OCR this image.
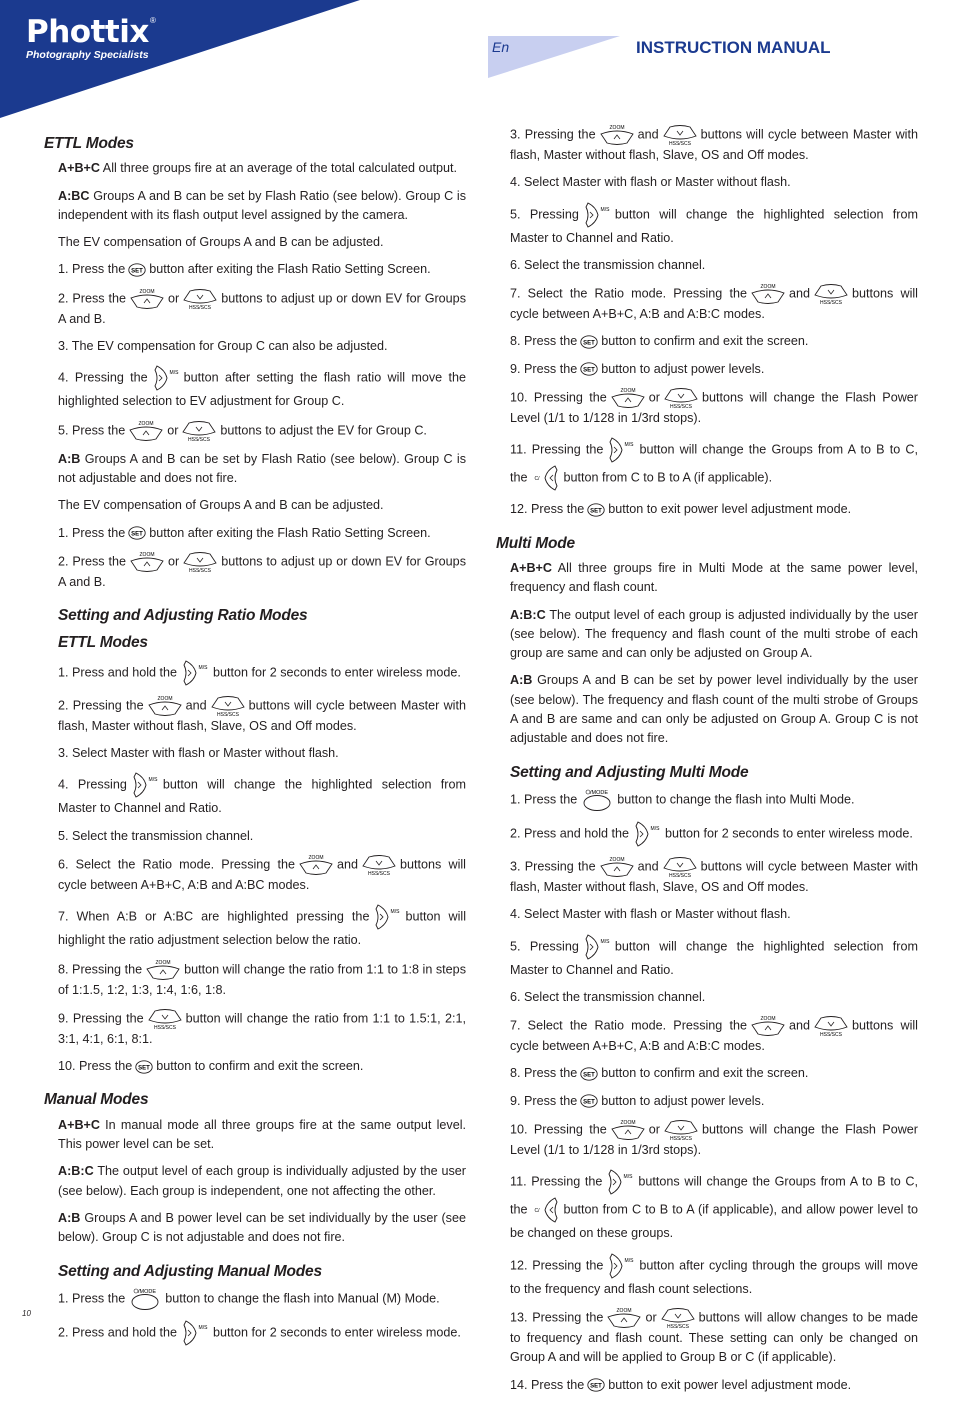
Phottix ®
Photography Specialists	En	INSTRUCTION MANUAL
ETTL Modes

A+B+C All three groups fire at an average of the total calculated output.

A:BC Groups A and B can be set by Flash Ratio (see below). Group C is independent with its flash output level assigned by the camera.

The EV compensation of Groups A and B can be adjusted.

1. Press the SET button after exiting the Flash Ratio Setting Screen.

2. Press the	ZOOM or
HSS/SCS
buttons to adjust up or down EV for Groups A and B.

3. The EV compensation for Group C can also be adjusted.

4. Pressing the	M/S button after setting the flash ratio will move the highlighted selection to EV adjustment for Group C.

5. Press the	ZOOM or
HSS/SCS
buttons to adjust the EV for Group C.

A:B Groups A and B can be set by Flash Ratio (see below). Group C is not adjustable and does not fire.

The EV compensation of Groups A and B can be adjusted.

1. Press the SET button after exiting the Flash Ratio Setting Screen.

2. Press the	ZOOM or
HSS/SCS
buttons to adjust up or down EV for Groups A and B.

Setting and Adjusting Ratio Modes
ETTL Modes

1. Press and hold the	M/S button for 2 seconds to enter wireless mode.

2. Pressing the	ZOOM and
HSS/SCS
buttons will cycle between Master with flash, Master without flash, Slave, OS and Off modes.

3. Select Master with flash or Master without flash.

4. Pressing	M/S button will change the highlighted selection from Master to Channel and Ratio.

5. Select the transmission channel.

6. Select the Ratio mode. Pressing the	ZOOM and
HSS/SCS
buttons will cycle between A+B+C, A:B and A:BC modes.

7. When A:B or A:BC are highlighted pressing the	M/S button will highlight the ratio adjustment selection below the ratio.

8. Pressing the	ZOOM button will change the ratio from 1:1 to 1:8 in steps of 1:1.5, 1:2, 1:3, 1:4, 1:6, 1:8.

9. Pressing the
HSS/SCS
button will change the ratio from 1:1 to 1.5:1, 2:1, 3:1, 4:1, 6:1, 8:1.

10. Press the SET button to confirm and exit the screen.

Manual Modes

A+B+C In manual mode all three groups fire at the same output level. This power level can be set.

A:B:C The output level of each group is individually adjusted by the user (see below). Each group is independent, one not affecting the other.

A:B Groups A and B power level can be set individually by the user (see below). Group C is not adjustable and does not fire.

Setting and Adjusting Manual Modes

1. Press the /MODE button to change the flash into Manual (M) Mode.

2. Press and hold the	M/S button for 2 seconds to enter wireless mode.

3. Pressing the	ZOOM and
HSS/SCS
buttons will cycle between Master with flash, Master without flash, Slave, OS and Off modes.

4. Select Master with flash or Master without flash.

5. Pressing	M/S button will change the highlighted selection from Master to Channel and Ratio.

6. Select the transmission channel.

7. Select the Ratio mode. Pressing the	ZOOM and
HSS/SCS
buttons will cycle between A+B+C, A:B and A:B:C modes.

8. Press the SET button to confirm and exit the screen.

9. Press the SET button to adjust power levels.

10. Pressing the	ZOOM or
HSS/SCS
buttons will change the Flash Power Level (1/1 to 1/128 in 1/3rd stops).

11. Pressing the	M/S button will change the Groups from A to B to C, the C/ button from C to B to A (if applicable).

12. Press the SET button to exit power level adjustment mode.

Multi Mode

A+B+C All three groups fire in Multi Mode at the same power level, frequency and flash count.

A:B:C The output level of each group is adjusted individually by the user (see below). The frequency and flash count of the multi strobe of each group are same and can only be adjusted on Group A.

A:B Groups A and B can be set by power level individually by the user (see below). The frequency and flash count of the multi strobe of Groups A and B are same and can only be adjusted on Group A. Group C is not adjustable and does not fire.

Setting and Adjusting Multi Mode

1. Press the /MODE button to change the flash into Multi Mode.

2. Press and hold the	M/S button for 2 seconds to enter wireless mode.

3. Pressing the	ZOOM and
HSS/SCS
buttons will cycle between Master with flash, Master without flash, Slave, OS and Off modes.

4. Select Master with flash or Master without flash.

5. Pressing	M/S button will change the highlighted selection from Master to Channel and Ratio.

6. Select the transmission channel.

7. Select the Ratio mode. Pressing the	ZOOM and
HSS/SCS
buttons will cycle between A+B+C, A:B and A:B:C modes.

8. Press the SET button to confirm and exit the screen.

9. Press the SET button to adjust power levels.

10. Pressing the	ZOOM or
HSS/SCS
buttons will change the Flash Power Level (1/1 to 1/128 in 1/3rd stops).

11. Pressing the	M/S buttons will change the Groups from A to B to C, the C/ button from C to B to A (if applicable), and allow power level to be changed on these groups.

12. Pressing the	M/S button after cycling through the groups will move to the frequency and flash count selections.

13. Pressing the	ZOOM or
HSS/SCS
buttons will allow changes to be made to frequency and flash count. These setting can only be changed on Group A and will be applied to Group B or C (if applicable).

14. Press the SET button to exit power level adjustment mode.

10
